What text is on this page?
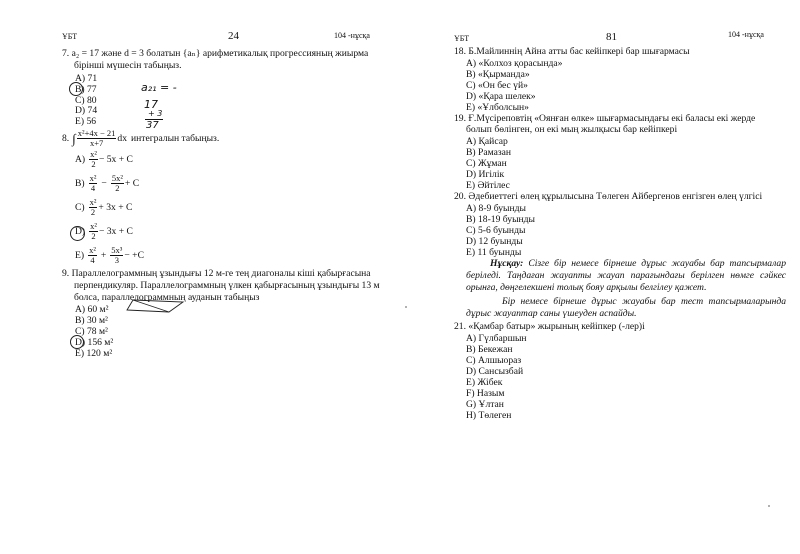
ҰБТ	24	104 -нұсқа
7. a₂ = 17 және d = 3 болатын {aₙ} арифметикалық прогрессияның жиырма
бірінші мүшесін табыңыз.
A) 71
B) 77
C) 80
D) 74
E) 56
a₂₁ = -
17
+ 3
37
8. ∫ $\frac{\text{x²+4x − 21}}{x+7}$ dx интегралын табыңыз.
$A) \frac{\text{x²}}{2} - 5x + C$
$B) \frac{\text{x²}}{4} - \frac{\text{5x²}}{2} + C$
$C) \frac{\text{x²}}{2} + 3x + C$
$D) \frac{\text{x²}}{2} - 3x + C$
$E) \frac{\text{x²}}{4} + \frac{\text{5x³}}{3} - +C$
9. Параллелограммның ұзындығы 12 м-ге тең диагоналы кіші қабырғасына
перпендикуляр. Параллелограммның үлкен қабырғасының ұзындығы 13 м
болса, параллелограммның ауданын табыңыз
A) 60 м²
B) 30 м²
C) 78 м²
D) 156 м²
E) 120 м²
ҰБТ	81	104 -нұсқа
18. Б.Майлиннің Айна атты бас кейіпкері бар шығармасы
A) «Колхоз қорасында»
B) «Қырманда»
C) «Он бес үй»
D) «Қара шелек»
E) «Ұлболсын»
19. Ғ.Мүсіреповтің «Оянған өлке» шығармасындағы екі баласы екі жерде
болып бөлінген, он екі мың жылқысы бар кейіпкері
A) Қайсар
B) Рамазан
C) Жұман
D) Игілік
E) Әйтілес
20. Әдебиеттегі өлең құрылысына Төлеген Айбергенов енгізген өлең үлгісі
A) 8-9 буынды
B) 18-19 буынды
C) 5-6 буынды
D) 12 буынды
E) 11 буынды
Нұсқау: Сізге бір немесе бірнеше дұрыс жауабы бар тапсырмалар беріледі. Таңдаған жауапты жауап парағындағы берілген нөмге сәйкес орынға, дөңгелекшені толық бояу арқылы белгілеу қажет.
Бір немесе бірнеше дұрыс жауабы бар тест тапсырмаларында дұрыс жауаптар саны үшеуден аспайды.
21. «Қамбар батыр» жырының кейіпкер (-лер)і
A) Гүлбаршын
B) Бекежан
C) Алшыораз
D) Сансызбай
E) Жібек
F) Назым
G) Ұлтан
H) Төлеген
